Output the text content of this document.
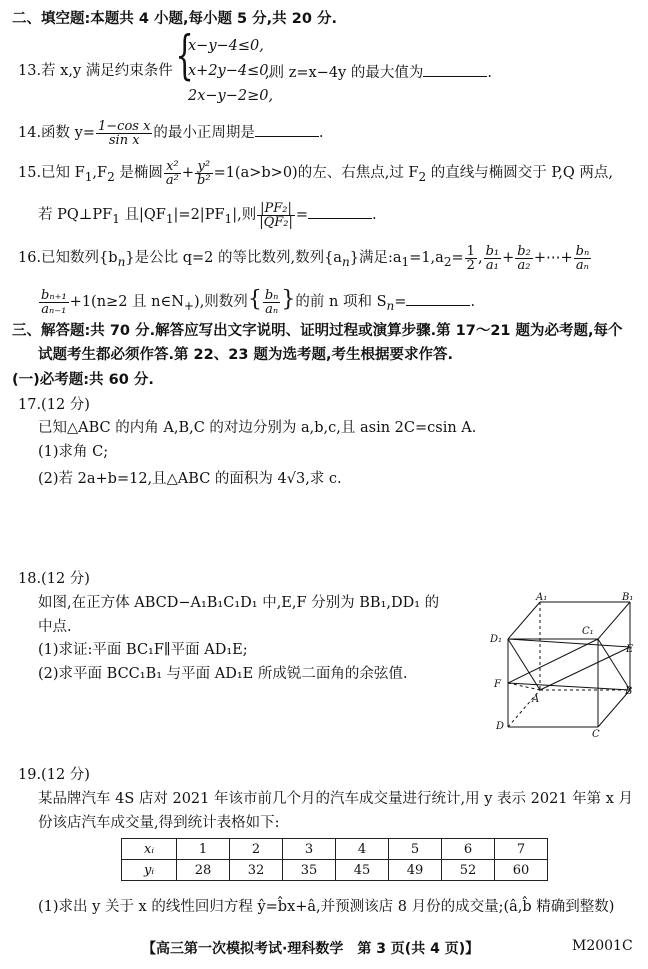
二、填空题:本题共 4 小题,每小题 5 分,共 20 分.
13.若 x,y 满足约束条件 {
x−y−4≤0,
x+2y−4≤0,
2x−y−2≥0,
,则 z=x−4y 的最大值为	.
14.函数 $y= \frac{\text{1−cos x}}{\text{sin x}}$ 的最小正周期是	.
15.已知 $F_1,F_2$ 是椭圆 $\frac{\text{x²}}{\text{a²}} + \frac{\text{y²}}{\text{b²}} =1(a>b>0)$的左、右焦点,过 $F_2$ 的直线与椭圆交于 P,Q 两点,
若 $PQ\perp PF_1$ 且$|QF_1|=2|PF_1|$,则 $\frac{\text{|PF₂|}}{\text{|QF₂|}}$ =	.
16.已知数列$\{b_n\}$是公比 q=2 的等比数列,数列$\{a_n\}$满足$:a_1=1,a_2= \frac{1}{2}$ , $\frac{\text{b₁}}{\text{a₁}} + \frac{\text{b₂}}{\text{a₂}}$ +⋯+ $\frac{\text{bₙ}}{\text{aₙ}}$
$\frac{\text{bₙ₊₁}}{\text{aₙ₋₁}} +1(n\ge 2$ 且 $n\in N_+$),则数列{ $\frac{\text{bₙ}}{\text{aₙ}}$ }的前 n 项和 $S_n=$	.
三、解答题:共 70 分.解答应写出文字说明、证明过程或演算步骤.第 17～21 题为必考题,每个
试题考生都必须作答.第 22、23 题为选考题,考生根据要求作答.
(一)必考题:共 60 分.
17.(12 分)
已知△ABC 的内角 A,B,C 的对边分别为 a,b,c,且 asin 2C=csin A.
(1)求角 C;
(2)若 2a+b=12,且△ABC 的面积为 4√3,求 c.
18.(12 分)
如图,在正方体 ABCD−A₁B₁C₁D₁ 中,E,F 分别为 BB₁,DD₁ 的
中点.
(1)求证:平面 BC₁F∥平面 AD₁E;
(2)求平面 BCC₁B₁ 与平面 AD₁E 所成锐二面角的余弦值.
A₁	B₁
C₁
D₁
E
F
A
B
C
D
19.(12 分)
某品牌汽车 4S 店对 2021 年该市前几个月的汽车成交量进行统计,用 y 表示 2021 年第 x 月
份该店汽车成交量,得到统计表格如下:
xᵢ	1	2	3	4	5	6	7
yᵢ	28	32	35	45	49	52	60
(1)求出 y 关于 x 的线性回归方程 ŷ=b̂x+â,并预测该店 8 月份的成交量;(â,b̂ 精确到整数)
【高三第一次模拟考试·理科数学　第 3 页(共 4 页)】	M2001C
